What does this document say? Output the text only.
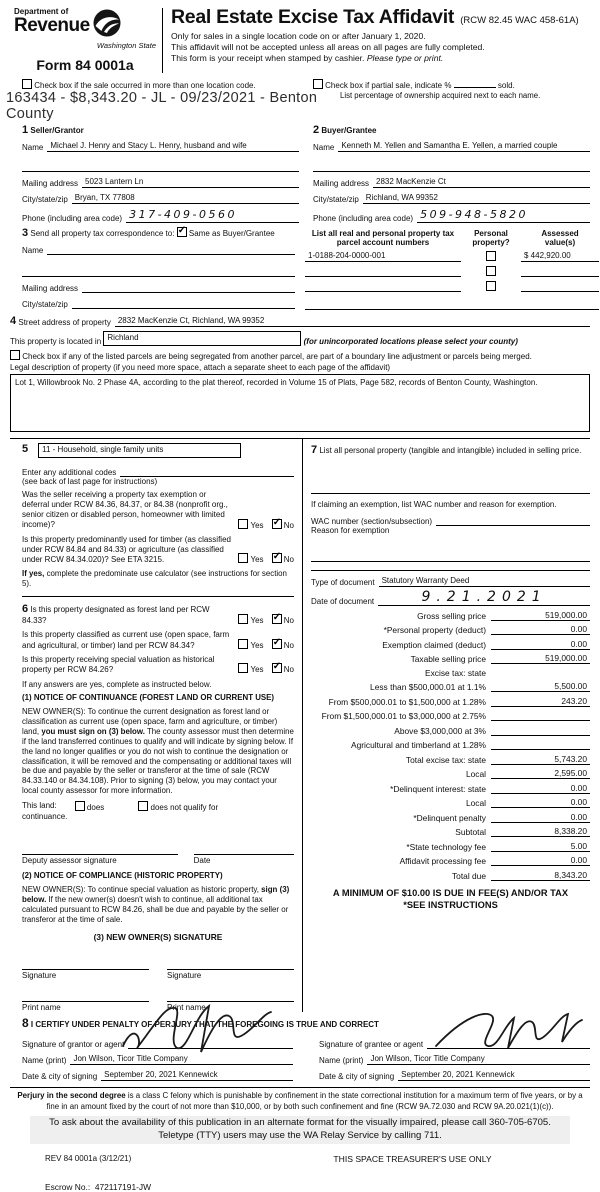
Department of
Revenue
Washington State
Form 84 0001a
Real Estate Excise Tax Affidavit (RCW 82.45 WAC 458-61A)
Only for sales in a single location code on or after January 1, 2020.
This affidavit will not be accepted unless all areas on all pages are fully completed.
This form is your receipt when stamped by cashier. Please type or print.
Check box if the sale occurred in more than one location code.	Check box if partial sale, indicate %	sold.
163434 - $8,343.20 - JL - 09/23/2021 - Benton County
List percentage of ownership acquired next to each name.
1 Seller/Grantor
Name Michael J. Henry and Stacy L. Henry, husband and wife
Mailing address 5023 Lantern Ln
City/state/zip Bryan, TX 77808
Phone (including area code) 317-409-0560
2 Buyer/Grantee
Name Kenneth M. Yellen and Samantha E. Yellen, a married couple
Mailing address 2832 MacKenzie Ct
City/state/zip Richland, WA 99352
Phone (including area code) 509-948-5820
3 Send all property tax correspondence to: ✓ Same as Buyer/Grantee
Name
Mailing address
City/state/zip
List all real and personal property tax
parcel account numbers
Personal
property?
Assessed
value(s)
1-0188-204-0000-001	$ 442,920.00
4
Street address of property 2832 MacKenzie Ct, Richland, WA 99352
This property is located in Richland	(for unincorporated locations please select your county)
Check box if any of the listed parcels are being segregated from another parcel, are part of a boundary line adjustment or parcels being merged.
Legal description of property (if you need more space, attach a separate sheet to each page of the affidavit)
Lot 1, Willowbrook No. 2 Phase 4A, according to the plat thereof, recorded in Volume 15 of Plats, Page 582, records of Benton County, Washington.
5	11 - Household, single family units
Enter any additional codes
(see back of last page for instructions)
Was the seller receiving a property tax exemption or deferral under RCW 84.36, 84.37, or 84.38 (nonprofit org., senior citizen or disabled person, homeowner with limited income)?	Yes ✓	No
Is this property predominantly used for timber (as classified under RCW 84.84 and 84.33) or agriculture (as classified under RCW 84.34.020)? See ETA 3215.	Yes ✓	No
If yes, complete the predominate use calculator (see instructions for section 5).
6 Is this property designated as forest land per RCW 84.33?	Yes ✓	No
Is this property classified as current use (open space, farm and agricultural, or timber) land per RCW 84.34?	Yes ✓	No
Is this property receiving special valuation as historical property per RCW 84.26?	Yes ✓	No
If any answers are yes, complete as instructed below.
(1) NOTICE OF CONTINUANCE (FOREST LAND OR CURRENT USE)
NEW OWNER(S): To continue the current designation as forest land or classification as current use (open space, farm and agriculture, or timber) land, you must sign on (3) below. The county assessor must then determine if the land transferred continues to qualify and will indicate by signing below. If the land no longer qualifies or you do not wish to continue the designation or classification, it will be removed and the compensating or additional taxes will be due and payable by the seller or transferor at the time of sale (RCW 84.33.140 or 84.34.108). Prior to signing (3) below, you may contact your local county assessor for more information.
This land:	does	does not qualify for
continuance.
Deputy assessor signature	Date
(2) NOTICE OF COMPLIANCE (HISTORIC PROPERTY)
NEW OWNER(S): To continue special valuation as historic property, sign (3) below. If the new owner(s) doesn't wish to continue, all additional tax calculated pursuant to RCW 84.26, shall be due and payable by the seller or transferor at the time of sale.
(3) NEW OWNER(S) SIGNATURE
Signature	Signature
Print name	Print name
7 List all personal property (tangible and intangible) included in selling price.
If claiming an exemption, list WAC number and reason for exemption.
WAC number (section/subsection)
Reason for exemption
Type of document Statutory Warranty Deed
Date of document	9.21.2021
Gross selling price	519,000.00
*Personal property (deduct)	0.00
Exemption claimed (deduct)	0.00
Taxable selling price	519,000.00
Excise tax: state
Less than $500,000.01 at 1.1%	5,500.00
From $500,000.01 to $1,500,000 at 1.28%	243.20
From $1,500,000.01 to $3,000,000 at 2.75%
Above $3,000,000 at 3%
Agricultural and timberland at 1.28%
Total excise tax: state	5,743.20
Local	2,595.00
*Delinquent interest: state	0.00
Local	0.00
*Delinquent penalty	0.00
Subtotal	8,338.20
*State technology fee	5.00
Affidavit processing fee	0.00
Total due	8,343.20
A MINIMUM OF $10.00 IS DUE IN FEE(S) AND/OR TAX
*SEE INSTRUCTIONS
8 I CERTIFY UNDER PENALTY OF PERJURY THAT THE FOREGOING IS TRUE AND CORRECT
Signature of grantor or agent
Name (print) Jon Wilson, Ticor Title Company
Date & city of signing September 20, 2021 Kennewick
Signature of grantee or agent
Name (print) Jon Wilson, Ticor Title Company
Date & city of signing September 20, 2021 Kennewick
Perjury in the second degree is a class C felony which is punishable by confinement in the state correctional institution for a maximum term of five years, or by a fine in an amount fixed by the court of not more than $10,000, or by both such confinement and fine (RCW 9A.72.030 and RCW 9A.20.021(1)(c)).
To ask about the availability of this publication in an alternate format for the visually impaired, please call 360-705-6705. Teletype (TTY) users may use the WA Relay Service by calling 711.
REV 84 0001a (3/12/21)	THIS SPACE TREASURER'S USE ONLY
Escrow No.: 472117191-JW
